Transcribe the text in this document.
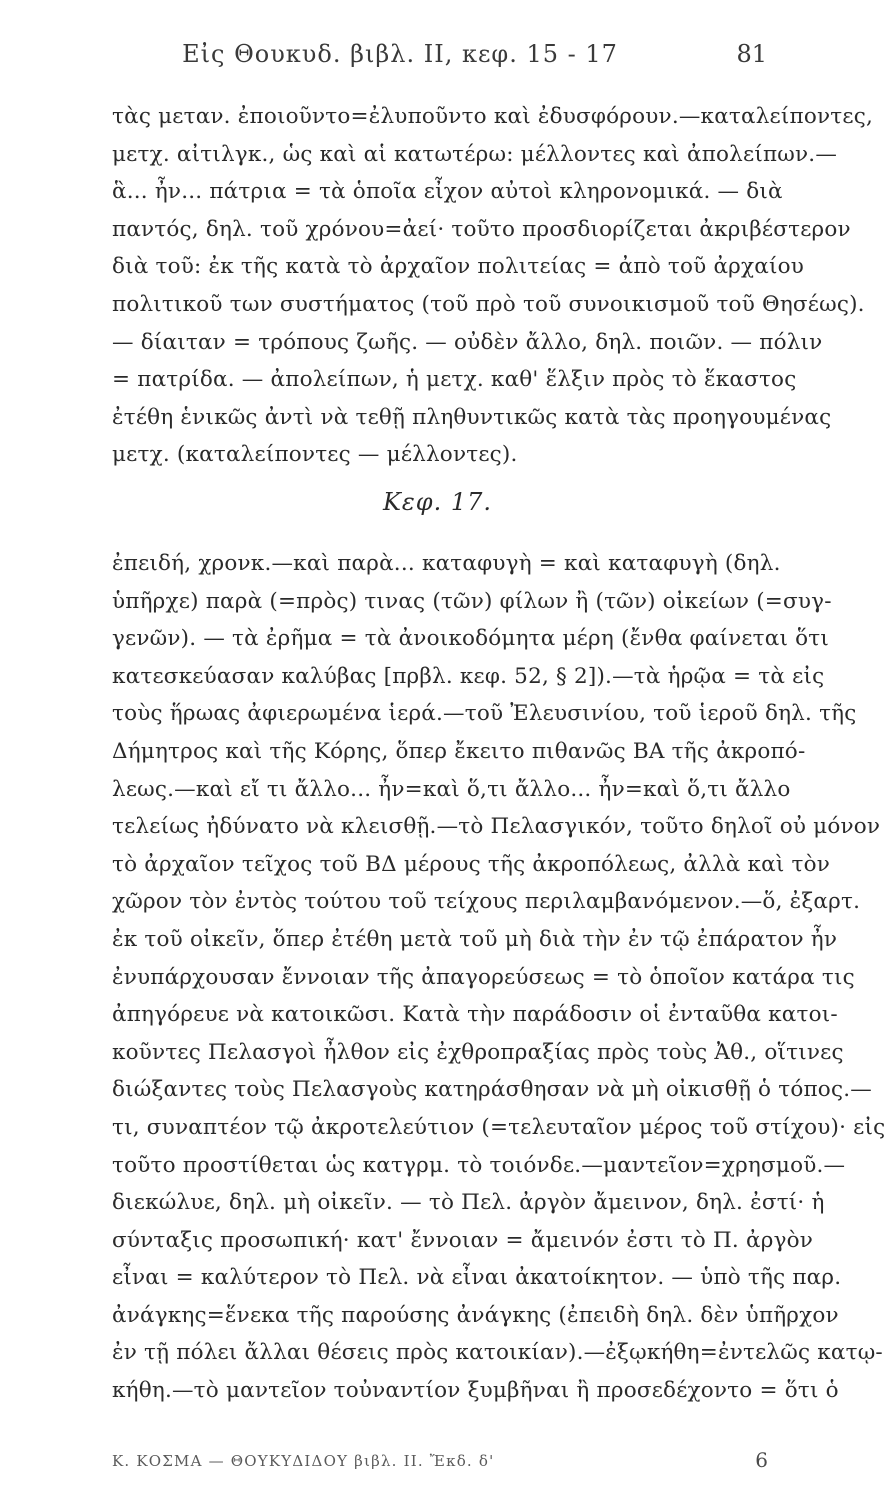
Εἰς Θουκυδ. βιβλ. II, κεφ. 15 - 17	81
τὰς μεταν. ἐποιοῦντο=ἐλυποῦντο καὶ ἐδυσφόρουν.—καταλείποντες,
μετχ. αἰτιλγκ., ὡς καὶ αἱ κατωτέρω: μέλλοντες καὶ ἀπολείπων.—
ἃ... ἦν... πάτρια = τὰ ὁποῖα εἶχον αὐτοὶ κληρονομικά. — διὰ
παντός, δηλ. τοῦ χρόνου=ἀεί· τοῦτο προσδιορίζεται ἀκριβέστερον
διὰ τοῦ: ἐκ τῆς κατὰ τὸ ἀρχαῖον πολιτείας = ἀπὸ τοῦ ἀρχαίου
πολιτικοῦ των συστήματος (τοῦ πρὸ τοῦ συνοικισμοῦ τοῦ Θησέως).
— δίαιταν = τρόπους ζωῆς. — οὐδὲν ἄλλο, δηλ. ποιῶν. — πόλιν
= πατρίδα. — ἀπολείπων, ἡ μετχ. καθ' ἕλξιν πρὸς τὸ ἕκαστος
ἐτέθη ἑνικῶς ἀντὶ νὰ τεθῇ πληθυντικῶς κατὰ τὰς προηγουμένας
μετχ. (καταλείποντες — μέλλοντες).
Κεφ. 17.
ἐπειδή, χρονκ.—καὶ παρὰ... καταφυγὴ = καὶ καταφυγὴ (δηλ.
ὑπῆρχε) παρὰ (=πρὸς) τινας (τῶν) φίλων ἢ (τῶν) οἰκείων (=συγ-
γενῶν). — τὰ ἐρῆμα = τὰ ἀνοικοδόμητα μέρη (ἔνθα φαίνεται ὅτι
κατεσκεύασαν καλύβας [πρβλ. κεφ. 52, § 2]).—τὰ ἡρῷα = τὰ εἰς
τοὺς ἥρωας ἀφιερωμένα ἱερά.—τοῦ Ἐλευσινίου, τοῦ ἱεροῦ δηλ. τῆς
Δήμητρος καὶ τῆς Κόρης, ὅπερ ἔκειτο πιθανῶς ΒΑ τῆς ἀκροπό-
λεως.—καὶ εἴ τι ἄλλο... ἦν=καὶ ὅ,τι ἄλλο... ἦν=καὶ ὅ,τι ἄλλο
τελείως ἠδύνατο νὰ κλεισθῇ.—τὸ Πελασγικόν, τοῦτο δηλοῖ οὐ μόνον
τὸ ἀρχαῖον τεῖχος τοῦ ΒΔ μέρους τῆς ἀκροπόλεως, ἀλλὰ καὶ τὸν
χῶρον τὸν ἐντὸς τούτου τοῦ τείχους περιλαμβανόμενον.—ὅ, ἐξαρτ.
ἐκ τοῦ οἰκεῖν, ὅπερ ἐτέθη μετὰ τοῦ μὴ διὰ τὴν ἐν τῷ ἐπάρατον ἦν
ἐνυπάρχουσαν ἔννοιαν τῆς ἀπαγορεύσεως = τὸ ὁποῖον κατάρα τις
ἀπηγόρευε νὰ κατοικῶσι. Κατὰ τὴν παράδοσιν οἱ ἐνταῦθα κατοι-
κοῦντες Πελασγοὶ ἦλθον εἰς ἐχθροπραξίας πρὸς τοὺς Ἀθ., οἵτινες
διώξαντες τοὺς Πελασγοὺς κατηράσθησαν νὰ μὴ οἰκισθῇ ὁ τόπος.—
τι, συναπτέον τῷ ἀκροτελεύτιον (=τελευταῖον μέρος τοῦ στίχου)· εἰς
τοῦτο προστίθεται ὡς κατγρμ. τὸ τοιόνδε.—μαντεῖον=χρησμοῦ.—
διεκώλυε, δηλ. μὴ οἰκεῖν. — τὸ Πελ. ἀργὸν ἄμεινον, δηλ. ἐστί· ἡ
σύνταξις προσωπική· κατ' ἔννοιαν = ἄμεινόν ἐστι τὸ Π. ἀργὸν
εἶναι = καλύτερον τὸ Πελ. νὰ εἶναι ἀκατοίκητον. — ὑπὸ τῆς παρ.
ἀνάγκης=ἕνεκα τῆς παρούσης ἀνάγκης (ἐπειδὴ δηλ. δὲν ὑπῆρχον
ἐν τῇ πόλει ἄλλαι θέσεις πρὸς κατοικίαν).—ἐξῳκήθη=ἐντελῶς κατῳ-
κήθη.—τὸ μαντεῖον τοὐναντίον ξυμβῆναι ἢ προσεδέχοντο = ὅτι ὁ
Κ. ΚΟΣΜΑ — ΘΟΥΚΥΔΙΔΟΥ βιβλ. II. Ἔκδ. δ'	6
